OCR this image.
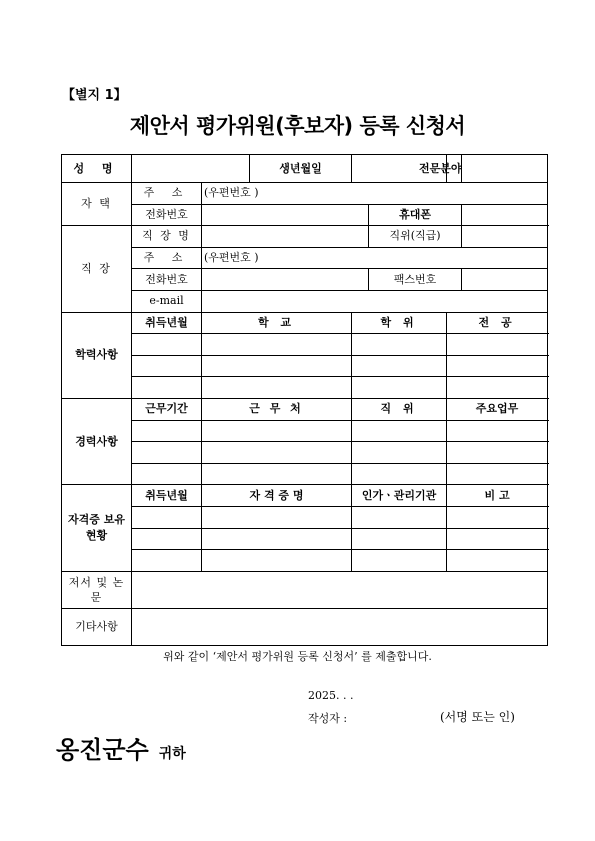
【별지 1】
제안서 평가위원(후보자) 등록 신청서
성 명			생년월일			전문분야	
자 택	주 소	(우편번호 )					
	전화번호				휴대폰		
직 장	직 장 명				직위(직급)		
	주 소	(우편번호 )					
	전화번호				팩스번호		
	e-mail						
학력사항	취득년월	학 교		학 위		전 공	

경력사항	근무기간	근 무 처		직 위		주요업무	

자격증 보유현황	취득년월	자 격 증 명		인가ㆍ관리기관		비 고	

저서 및 논문							
기타사항							
위와 같이 ‘제안서 평가위원 등록 신청서’ 를 제출합니다.
2025. . .
작성자 :	(서명 또는 인)
옹진군수 귀하
